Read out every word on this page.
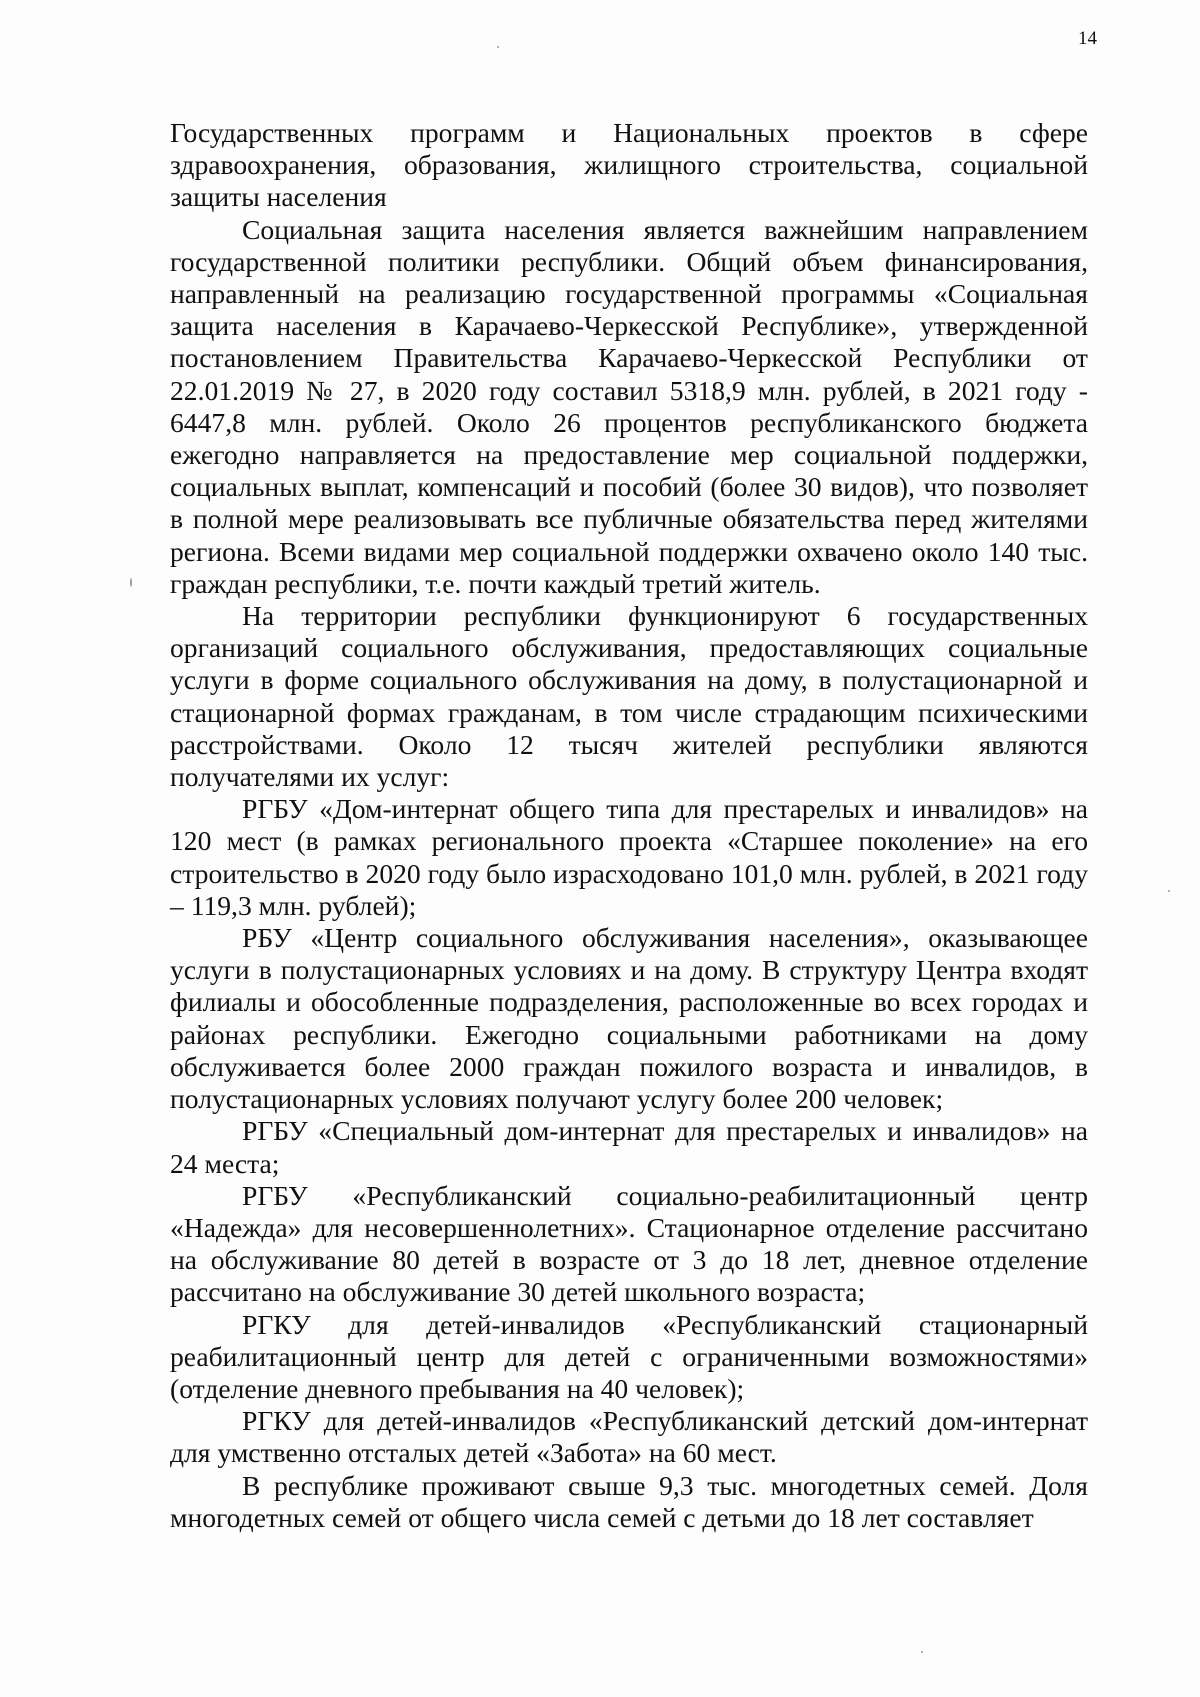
14

Государственных программ и Национальных проектов в сфере здравоохранения, образования, жилищного строительства, социальной защиты населения

Социальная защита населения является важнейшим направлением государственной политики республики. Общий объем финансирования, направленный на реализацию государственной программы «Социальная защита населения в Карачаево-Черкесской Республике», утвержденной постановлением Правительства Карачаево-Черкесской Республики от 22.01.2019 № 27, в 2020 году составил 5318,9 млн. рублей, в 2021 году - 6447,8 млн. рублей. Около 26 процентов республиканского бюджета ежегодно направляется на предоставление мер социальной поддержки, социальных выплат, компенсаций и пособий (более 30 видов), что позволяет в полной мере реализовывать все публичные обязательства перед жителями региона. Всеми видами мер социальной поддержки охвачено около 140 тыс. граждан республики, т.е. почти каждый третий житель.

На территории республики функционируют 6 государственных организаций социального обслуживания, предоставляющих социальные услуги в форме социального обслуживания на дому, в полустационарной и стационарной формах гражданам, в том числе страдающим психическими расстройствами. Около 12 тысяч жителей республики являются получателями их услуг:

РГБУ «Дом-интернат общего типа для престарелых и инвалидов» на 120 мест (в рамках регионального проекта «Старшее поколение» на его строительство в 2020 году было израсходовано 101,0 млн. рублей, в 2021 году – 119,3 млн. рублей);

РБУ «Центр социального обслуживания населения», оказывающее услуги в полустационарных условиях и на дому. В структуру Центра входят филиалы и обособленные подразделения, расположенные во всех городах и районах республики. Ежегодно социальными работниками на дому обслуживается более 2000 граждан пожилого возраста и инвалидов, в полустационарных условиях получают услугу более 200 человек;

РГБУ «Специальный дом-интернат для престарелых и инвалидов» на 24 места;

РГБУ «Республиканский социально-реабилитационный центр «Надежда» для несовершеннолетних». Стационарное отделение рассчитано на обслуживание 80 детей в возрасте от 3 до 18 лет, дневное отделение рассчитано на обслуживание 30 детей школьного возраста;

РГКУ для детей-инвалидов «Республиканский стационарный реабилитационный центр для детей с ограниченными возможностями» (отделение дневного пребывания на 40 человек);

РГКУ для детей-инвалидов «Республиканский детский дом-интернат для умственно отсталых детей «Забота» на 60 мест.

В республике проживают свыше 9,3 тыс. многодетных семей. Доля многодетных семей от общего числа семей с детьми до 18 лет составляет
